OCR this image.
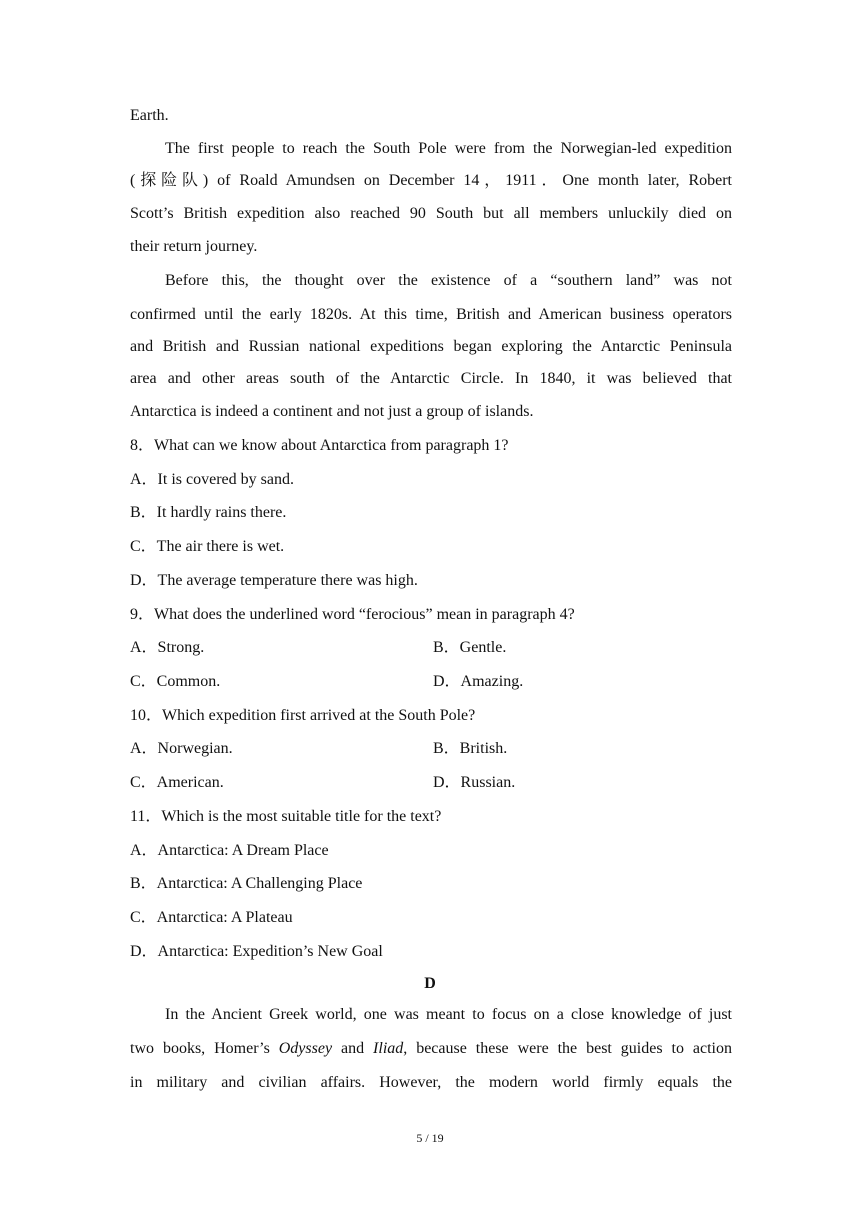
Earth.
The first people to reach the South Pole were from the Norwegian-led expedition
(探险队) of Roald Amundsen on December 14，1911．One month later, Robert
Scott’s British expedition also reached 90 South but all members unluckily died on
their return journey.
Before this, the thought over the existence of a “southern land” was not
confirmed until the early 1820s. At this time, British and American business operators
and British and Russian national expeditions began exploring the Antarctic Peninsula
area and other areas south of the Antarctic Circle. In 1840, it was believed that
Antarctica is indeed a continent and not just a group of islands.
8．What can we know about Antarctica from paragraph 1?
A．It is covered by sand.
B．It hardly rains there.
C．The air there is wet.
D．The average temperature there was high.
9．What does the underlined word “ferocious” mean in paragraph 4?
A．Strong.	B．Gentle.
C．Common.	D．Amazing.
10．Which expedition first arrived at the South Pole?
A．Norwegian.	B．British.
C．American.	D．Russian.
11．Which is the most suitable title for the text?
A．Antarctica: A Dream Place
B．Antarctica: A Challenging Place
C．Antarctica: A Plateau
D．Antarctica: Expedition’s New Goal
D
In the Ancient Greek world, one was meant to focus on a close knowledge of just
two books, Homer’s Odyssey and Iliad, because these were the best guides to action
in military and civilian affairs. However, the modern world firmly equals the
5 / 19
